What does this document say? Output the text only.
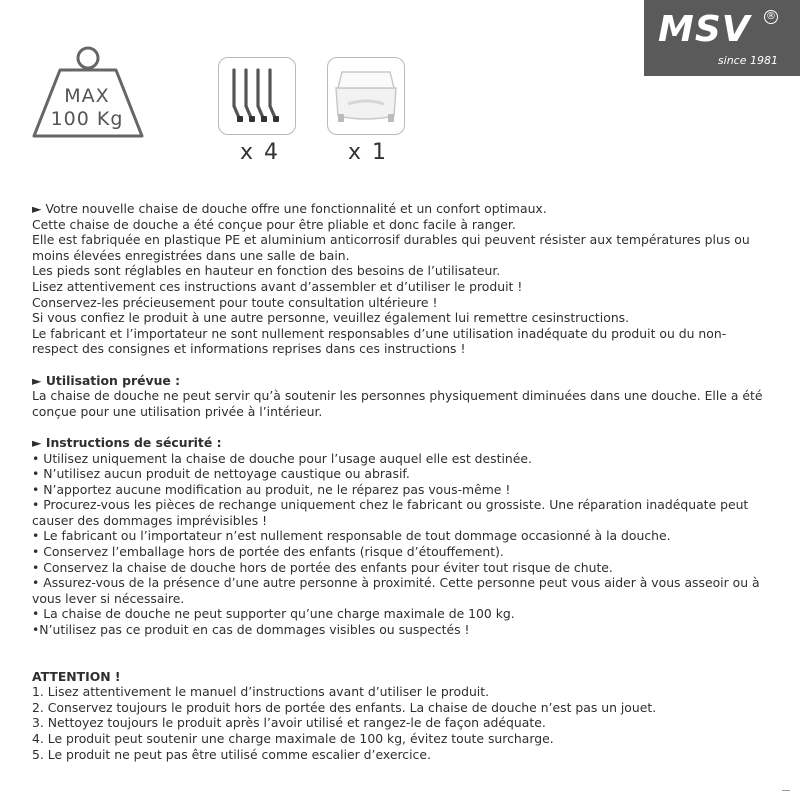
MSV ®
since 1981
MAX
100 Kg
x 4	x 1

► Votre nouvelle chaise de douche offre une fonctionnalité et un confort optimaux.

Cette chaise de douche a été conçue pour être pliable et donc facile à ranger.

Elle est fabriquée en plastique PE et aluminium anticorrosif durables qui peuvent résister aux températures plus ou moins élevées enregistrées dans une salle de bain.

Les pieds sont réglables en hauteur en fonction des besoins de l’utilisateur.

Lisez attentivement ces instructions avant d’assembler et d’utiliser le produit !

Conservez-les précieusement pour toute consultation ultérieure !

Si vous confiez le produit à une autre personne, veuillez également lui remettre cesinstructions.

Le fabricant et l’importateur ne sont nullement responsables d’une utilisation inadéquate du produit ou du non-respect des consignes et informations reprises dans ces instructions !

► Utilisation prévue :

La chaise de douche ne peut servir qu’à soutenir les personnes physiquement diminuées dans une douche. Elle a été conçue pour une utilisation privée à l’intérieur.

► Instructions de sécurité :

• Utilisez uniquement la chaise de douche pour l’usage auquel elle est destinée.

• N’utilisez aucun produit de nettoyage caustique ou abrasif.

• N’apportez aucune modification au produit, ne le réparez pas vous-même !

• Procurez-vous les pièces de rechange uniquement chez le fabricant ou grossiste. Une réparation inadéquate peut causer des dommages imprévisibles !

• Le fabricant ou l’importateur n’est nullement responsable de tout dommage occasionné à la douche.

• Conservez l’emballage hors de portée des enfants (risque d’étouffement).

• Conservez la chaise de douche hors de portée des enfants pour éviter tout risque de chute.

• Assurez-vous de la présence d’une autre personne à proximité. Cette personne peut vous aider à vous asseoir ou à vous lever si nécessaire.

• La chaise de douche ne peut supporter qu’une charge maximale de 100 kg.

•N’utilisez pas ce produit en cas de dommages visibles ou suspectés !

ATTENTION !

1. Lisez attentivement le manuel d’instructions avant d’utiliser le produit.

2. Conservez toujours le produit hors de portée des enfants. La chaise de douche n’est pas un jouet.

3. Nettoyez toujours le produit après l’avoir utilisé et rangez-le de façon adéquate.

4. Le produit peut soutenir une charge maximale de 100 kg, évitez toute surcharge.

5. Le produit ne peut pas être utilisé comme escalier d’exercice.
